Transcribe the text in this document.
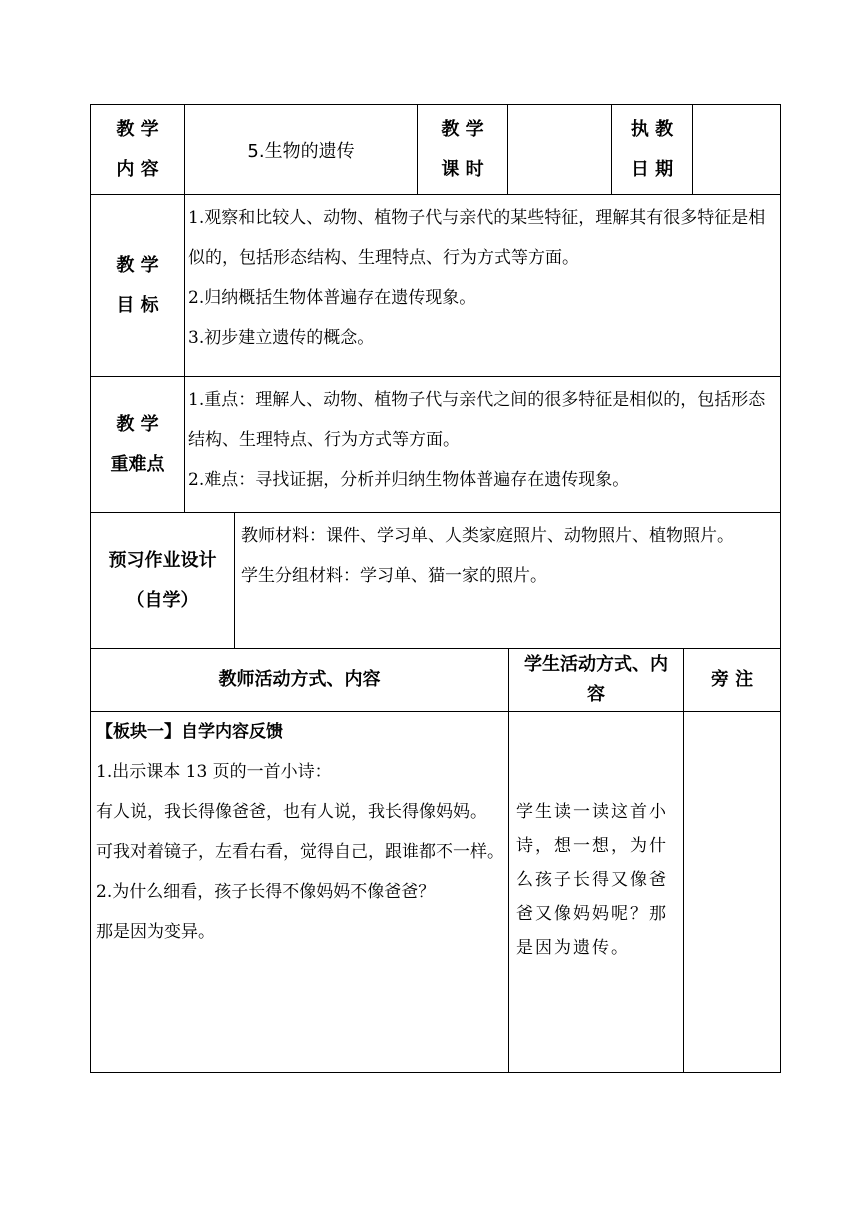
教 学
内 容
5.生物的遗传
教 学
课 时
执 教
日 期
教 学
目 标

1.观察和比较人、动物、植物子代与亲代的某些特征，理解其有很多特征是相似的，包括形态结构、生理特点、行为方式等方面。

2.归纳概括生物体普遍存在遗传现象。

3.初步建立遗传的概念。

教 学
重难点

1.重点：理解人、动物、植物子代与亲代之间的很多特征是相似的，包括形态结构、生理特点、行为方式等方面。

2.难点：寻找证据，分析并归纳生物体普遍存在遗传现象。

预习作业设计
（自学）

教师材料：课件、学习单、人类家庭照片、动物照片、植物照片。

学生分组材料：学习单、猫一家的照片。

教师活动方式、内容
学生活动方式、内
容
旁 注

【板块一】自学内容反馈

1.出示课本 13 页的一首小诗：

有人说，我长得像爸爸，也有人说，我长得像妈妈。

可我对着镜子，左看右看，觉得自己，跟谁都不一样。

2.为什么细看，孩子长得不像妈妈不像爸爸？

那是因为变异。

学生读一读这首小诗，想一想，为什么孩子长得又像爸爸又像妈妈呢？那是因为遗传。
